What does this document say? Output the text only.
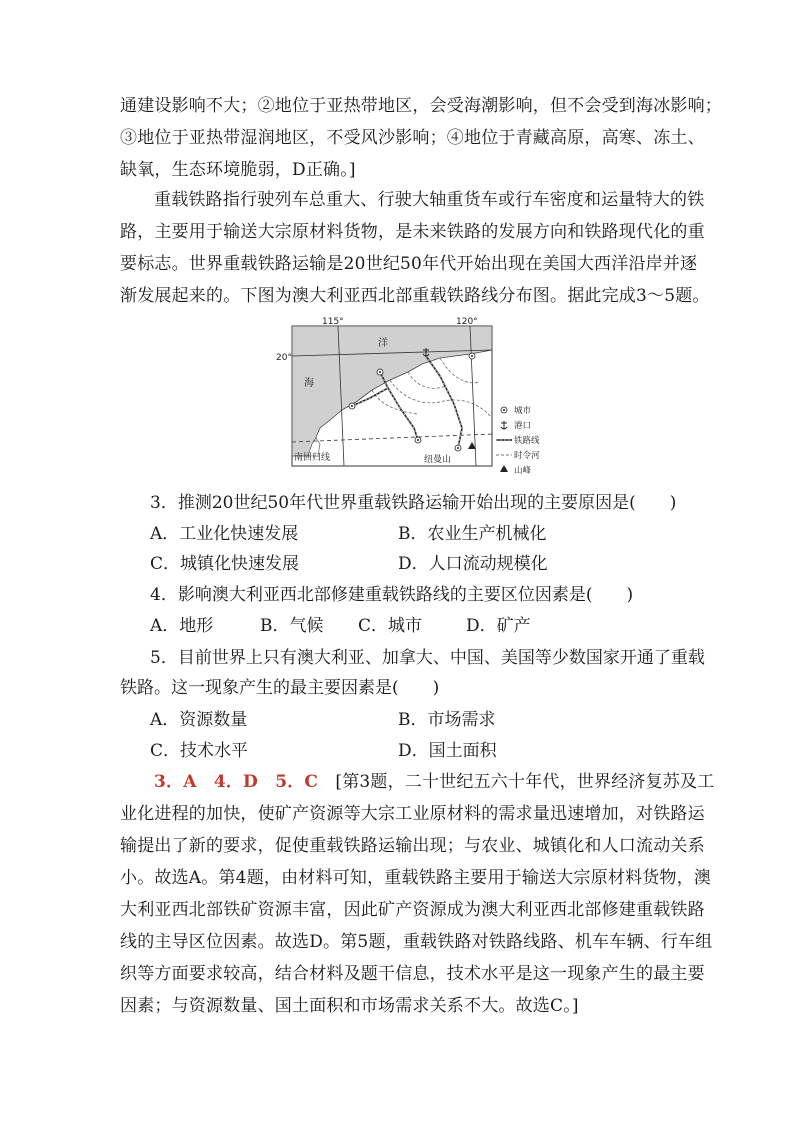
通建设影响不大；②地位于亚热带地区，会受海潮影响，但不会受到海冰影响；
③地位于亚热带湿润地区，不受风沙影响；④地位于青藏高原，高寒、冻土、
缺氧，生态环境脆弱，D正确。]
重载铁路指行驶列车总重大、行驶大轴重货车或行车密度和运量特大的铁
路，主要用于输送大宗原材料货物，是未来铁路的发展方向和铁路现代化的重
要标志。世界重载铁路运输是20世纪50年代开始出现在美国大西洋沿岸并逐
渐发展起来的。下图为澳大利亚西北部重载铁路线分布图。据此完成3～5题。
115°	120°
20°
洋
海
南回归线	纽曼山
城市
港口
铁路线
时令河
山峰
3．推测20世纪50年代世界重载铁路运输开始出现的主要原因是(　　)
A．工业化快速发展	B．农业生产机械化
C．城镇化快速发展	D．人口流动规模化
4．影响澳大利亚西北部修建重载铁路线的主要区位因素是(　　)
A．地形	B．气候 C．城市	D．矿产
5．目前世界上只有澳大利亚、加拿大、中国、美国等少数国家开通了重载
铁路。这一现象产生的最主要因素是(　　)
A．资源数量	B．市场需求
C．技术水平	D．国土面积
3．A　4．D　5．C　 [第3题，二十世纪五六十年代，世界经济复苏及工
业化进程的加快，使矿产资源等大宗工业原材料的需求量迅速增加，对铁路运
输提出了新的要求，促使重载铁路运输出现；与农业、城镇化和人口流动关系
小。故选A。第4题，由材料可知，重载铁路主要用于输送大宗原材料货物，澳
大利亚西北部铁矿资源丰富，因此矿产资源成为澳大利亚西北部修建重载铁路
线的主导区位因素。故选D。第5题，重载铁路对铁路线路、机车车辆、行车组
织等方面要求较高，结合材料及题干信息，技术水平是这一现象产生的最主要
因素；与资源数量、国土面积和市场需求关系不大。故选C。]
